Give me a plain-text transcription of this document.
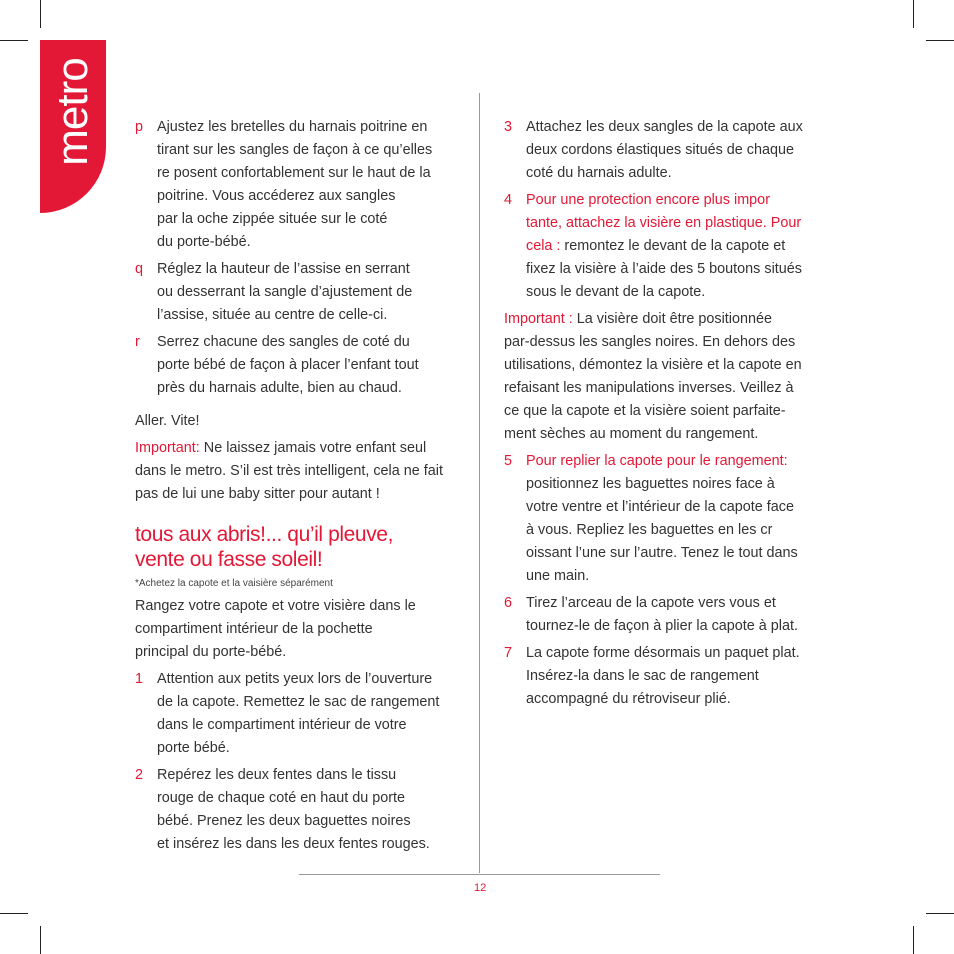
metro
12
p Ajustez les bretelles du harnais poitrine en
tirant sur les sangles de façon à ce qu’elles
re posent confortablement sur le haut de la
poitrine. Vous accéderez aux sangles
par la oche zippée située sur le coté
du porte-bébé.
q Réglez la hauteur de l’assise en serrant
ou desserrant la sangle d’ajustement de
l’assise, située au centre de celle-ci.
r	Serrez chacune des sangles de coté du
porte bébé de façon à placer l’enfant tout
près du harnais adulte, bien au chaud.
Aller. Vite!
Important: Ne laissez jamais votre enfant seul
dans le metro. S’il est très intelligent, cela ne fait
pas de lui une baby sitter pour autant !
tous aux abris!... qu’il pleuve,
vente ou fasse soleil!
*Achetez la capote et la vaisière séparément
Rangez votre capote et votre visière dans le
compartiment intérieur de la pochette
principal du porte-bébé.
1 Attention aux petits yeux lors de l’ouverture
de la capote. Remettez le sac de rangement
dans le compartiment intérieur de votre
porte bébé.
2 Repérez les deux fentes dans le tissu
rouge de chaque coté en haut du porte
bébé. Prenez les deux baguettes noires
et insérez les dans les deux fentes rouges.
3 Attachez les deux sangles de la capote aux
deux cordons élastiques situés de chaque
coté du harnais adulte.
4 Pour une protection encore plus impor
tante, attachez la visière en plastique. Pour
cela : remontez le devant de la capote et
fixez la visière à l’aide des 5 boutons situés
sous le devant de la capote.
Important : La visière doit être positionnée
par-dessus les sangles noires. En dehors des
utilisations, démontez la visière et la capote en
refaisant les manipulations inverses. Veillez à
ce que la capote et la visière soient parfaite-
ment sèches au moment du rangement.
5 Pour replier la capote pour le rangement:
positionnez les baguettes noires face à
votre ventre et l’intérieur de la capote face
à vous. Repliez les baguettes en les cr
oissant l’une sur l’autre. Tenez le tout dans
une main.
6 Tirez l’arceau de la capote vers vous et
tournez-le de façon à plier la capote à plat.
7 La capote forme désormais un paquet plat.
Insérez-la dans le sac de rangement
accompagné du rétroviseur plié.
